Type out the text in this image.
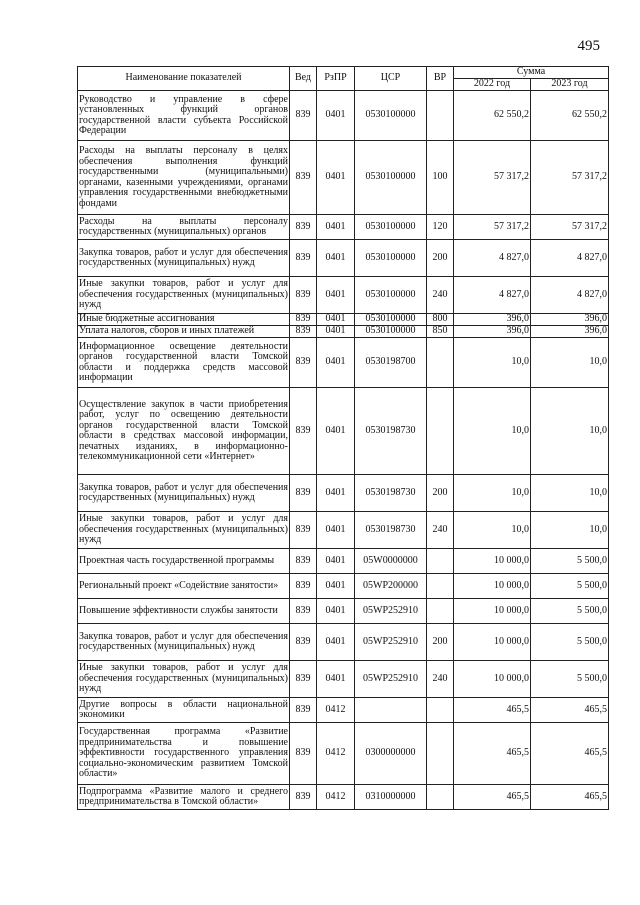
495
Наименование показателей	Вед	РзПР	ЦСР	ВР	Сумма	
					2022 год	2023 год
Руководство и управление в сфере установленных функций органов государственной власти субъекта Российской Федерации	839	0401	0530100000		62 550,2	62 550,2
Расходы на выплаты персоналу в целях обеспечения выполнения функций государственными (муниципальными) органами, казенными учреждениями, органами управления государственными внебюджетными фондами	839	0401	0530100000	100	57 317,2	57 317,2
Расходы на выплаты персоналу государственных (муниципальных) органов	839	0401	0530100000	120	57 317,2	57 317,2
Закупка товаров, работ и услуг для обеспечения государственных (муниципальных) нужд	839	0401	0530100000	200	4 827,0	4 827,0
Иные закупки товаров, работ и услуг для обеспечения государственных (муниципальных) нужд	839	0401	0530100000	240	4 827,0	4 827,0
Иные бюджетные ассигнования	839	0401	0530100000	800	396,0	396,0
Уплата налогов, сборов и иных платежей	839	0401	0530100000	850	396,0	396,0
Информационное освещение деятельности органов государственной власти Томской области и поддержка средств массовой информации	839	0401	0530198700		10,0	10,0
Осуществление закупок в части приобретения работ, услуг по освещению деятельности органов государственной власти Томской области в средствах массовой информации, печатных изданиях, в информационно-телекоммуникационной сети «Интернет»	839	0401	0530198730		10,0	10,0
Закупка товаров, работ и услуг для обеспечения государственных (муниципальных) нужд	839	0401	0530198730	200	10,0	10,0
Иные закупки товаров, работ и услуг для обеспечения государственных (муниципальных) нужд	839	0401	0530198730	240	10,0	10,0
Проектная часть государственной программы	839	0401	05W0000000		10 000,0	5 500,0
Региональный проект «Содействие занятости»	839	0401	05WP200000		10 000,0	5 500,0
Повышение эффективности службы занятости	839	0401	05WP252910		10 000,0	5 500,0
Закупка товаров, работ и услуг для обеспечения государственных (муниципальных) нужд	839	0401	05WP252910	200	10 000,0	5 500,0
Иные закупки товаров, работ и услуг для обеспечения государственных (муниципальных) нужд	839	0401	05WP252910	240	10 000,0	5 500,0
Другие вопросы в области национальной экономики	839	0412			465,5	465,5
Государственная программа «Развитие предпринимательства и повышение эффективности государственного управления социально-экономическим развитием Томской области»	839	0412	0300000000		465,5	465,5
Подпрограмма «Развитие малого и среднего предпринимательства в Томской области»	839	0412	0310000000		465,5	465,5
